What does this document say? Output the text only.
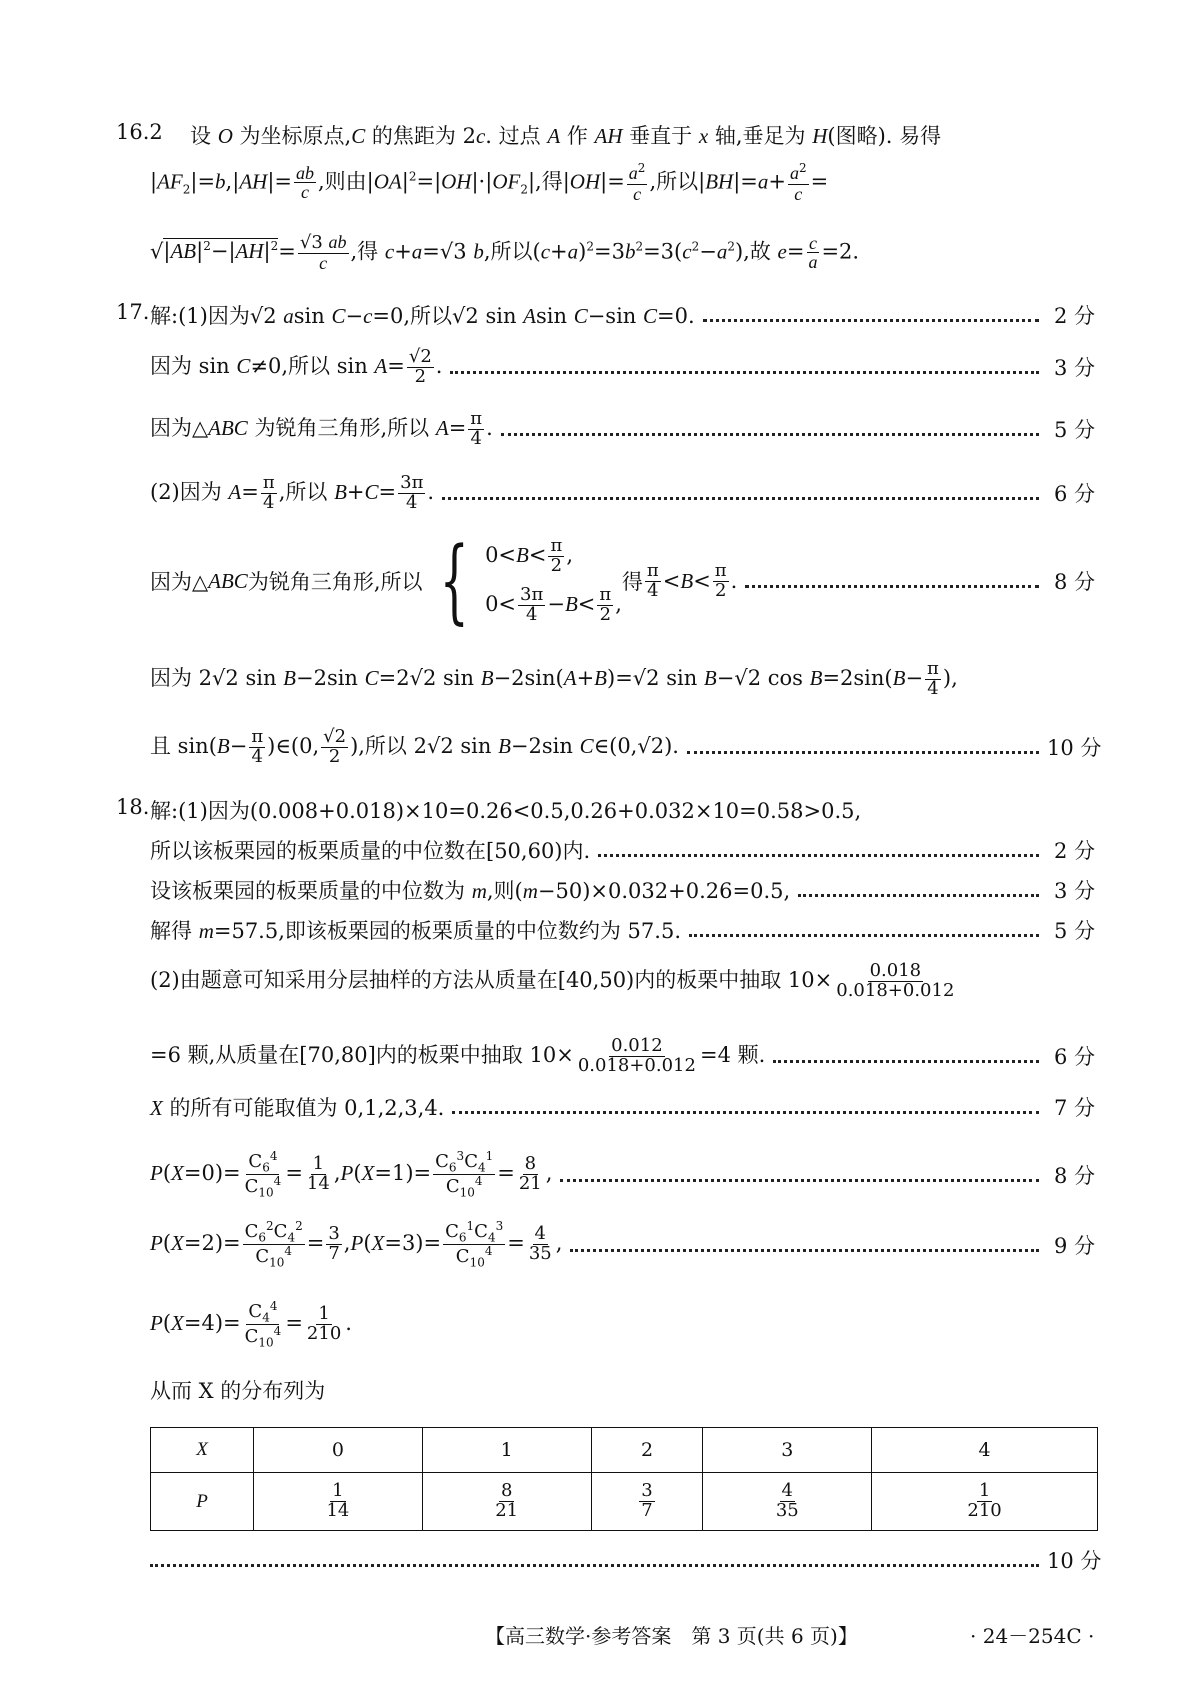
16.2 设 O 为坐标原点,C 的焦距为 2c. 过点 A 作 AH 垂直于 x 轴,垂足为 H(图略). 易得
$|AF_2|=b,|AH|= \frac{ab}{c}$ ,则由$|OA|^2=|OH|\cdot|OF_2|$,得$|OH|= \frac{a^2}{c}$ ,所以$|BH|=a+ \frac{a^2}{c}$ =
$√|AB|^2-|AH|^2= \frac{√3 ab}{c}$ ,得 c+a=√3 b,所以$(c+a)^2=3b^2=3(c^2-a^2)$,故 $e= \frac{c}{a} =2$.
17. 解:(1)因为√2 asin C−c=0,所以√2 sin Asin C−sin C=0.	2 分
因为 sin C≠0,所以 $\sin A= \frac{√2}{2}$ .	3 分
因为△ABC 为锐角三角形,所以 $A= \frac{\pi}{4}$ .	5 分
(2)因为 $A= \frac{\pi}{4}$ ,所以 $B+C= \frac{3\pi}{4}$ .	6 分
因为△ ABC 为锐角三角形,所以 { $0<B< \frac{\pi}{2}$ ,
$0< \frac{3\pi}{4} -B< \frac{\pi}{2}$ ,
得 $\frac{\pi}{4} < B < \frac{\pi}{2}$ .	8 分
因为 2√2 sin B−2sin C=2√2 sin B−2sin(A+B)=√2 sin B−√2 $\cos B=2\sin(B- \frac{\pi}{4}$ ),
且 $\sin(B- \frac{\pi}{4}$ )∈(0, $\frac{√2}{2}$ ),所以 2√2 sin B−2sin C∈(0,√2).	10 分
18. 解:(1)因为(0.008+0.018)×10=0.26<0.5,0.26+0.032×10=0.58>0.5,
所以该板栗园的板栗质量的中位数在[50,60)内.	2 分
设该板栗园的板栗质量的中位数为 m,则(m−50)×0.032+0.26=0.5,	3 分
解得 m=57.5,即该板栗园的板栗质量的中位数约为 57.5.	5 分
(2)由题意可知采用分层抽样的方法从质量在[40,50)内的板栗中抽取 $10\times \frac{0.018}{0.018+0.012}$
=6 颗,从质量在[70,80]内的板栗中抽取 $10\times \frac{0.012}{0.018+0.012} =4$ 颗.	6 分
X 的所有可能取值为 0,1,2,3,4.	7 分
$P(X=0)= \frac{C_6^4}{C_{10}^4} = \frac{1}{14} ,P(X=1)= \frac{C_6^3C_4^1}{C_{10}^4} = \frac{8}{21}$ ,	8 分
$P(X=2)= \frac{C_6^2C_4^2}{C_{10}^4} = \frac{3}{7} ,P(X=3)= \frac{C_6^1C_4^3}{C_{10}^4} = \frac{4}{35}$ ,	9 分
$P(X=4)= \frac{C_4^4}{C_{10}^4} = \frac{1}{210}$ .
从而 X 的分布列为
X	0	1	2	3	4
P	$\frac{1}{14}$	$\frac{8}{21}$	$\frac{3}{7}$	$\frac{4}{35}$	$\frac{1}{210}$
10 分
【高三数学·参考答案　第 3 页(共 6 页)】	· 24－254C ·
